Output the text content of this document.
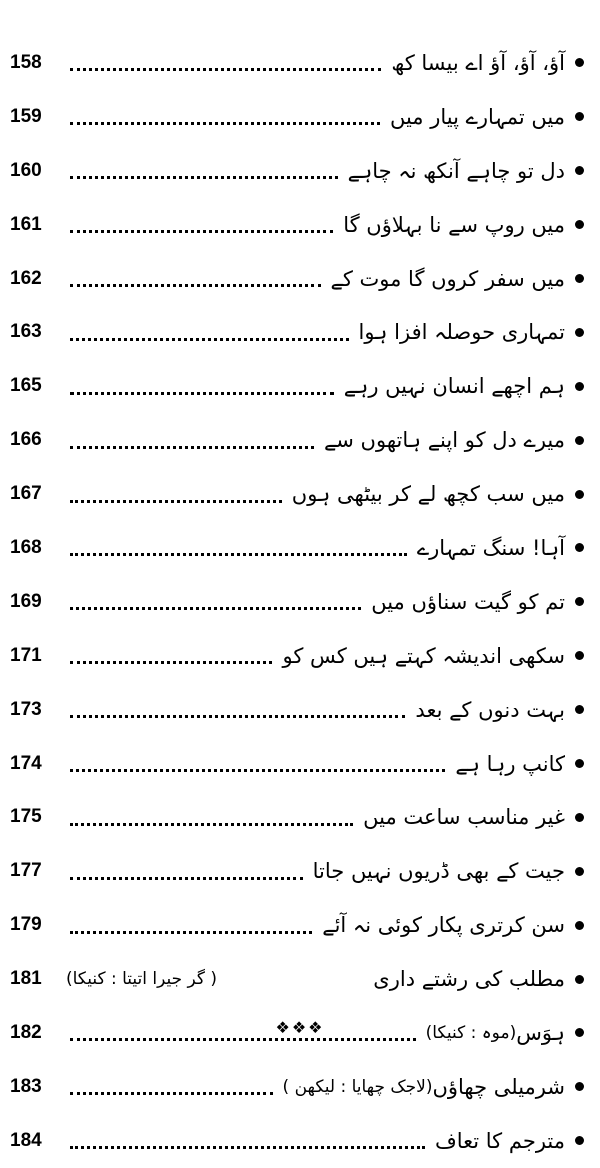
آؤ، آؤ، آؤ اے بیسا کھ
158
میں تمہارے پیار میں
159
دل تو چاہے آنکھ نہ چاہے
160
میں روپ سے نا بہلاؤں گا
161
میں سفر کروں گا موت کے
162
تمہاری حوصلہ افزا ہوا
163
ہم اچھے انسان نہیں رہے
165
میرے دل کو اپنے ہاتھوں سے
166
میں سب کچھ لے کر بیٹھی ہوں
167
آہا! سنگ تمہارے
168
تم کو گیت سناؤں میں
169
سکھی اندیشہ کہتے ہیں کس کو
171
بہت دنوں کے بعد
173
کانپ رہا ہے
174
غیر مناسب ساعت میں
175
جیت کے بھی ڈریوں نہیں جاتا
177
سن کرتری پکار کوئی نہ آئے
179
مطلب کی رشتے داری
( گر جیرا اتیتا : کنیکا)
181
ہوَس
(موہ : کنیکا)
182
شرمیلی چھاؤں
(لاجک چھایا : لیکھن )
183
مترجم کا تعاف
184
❖❖❖
